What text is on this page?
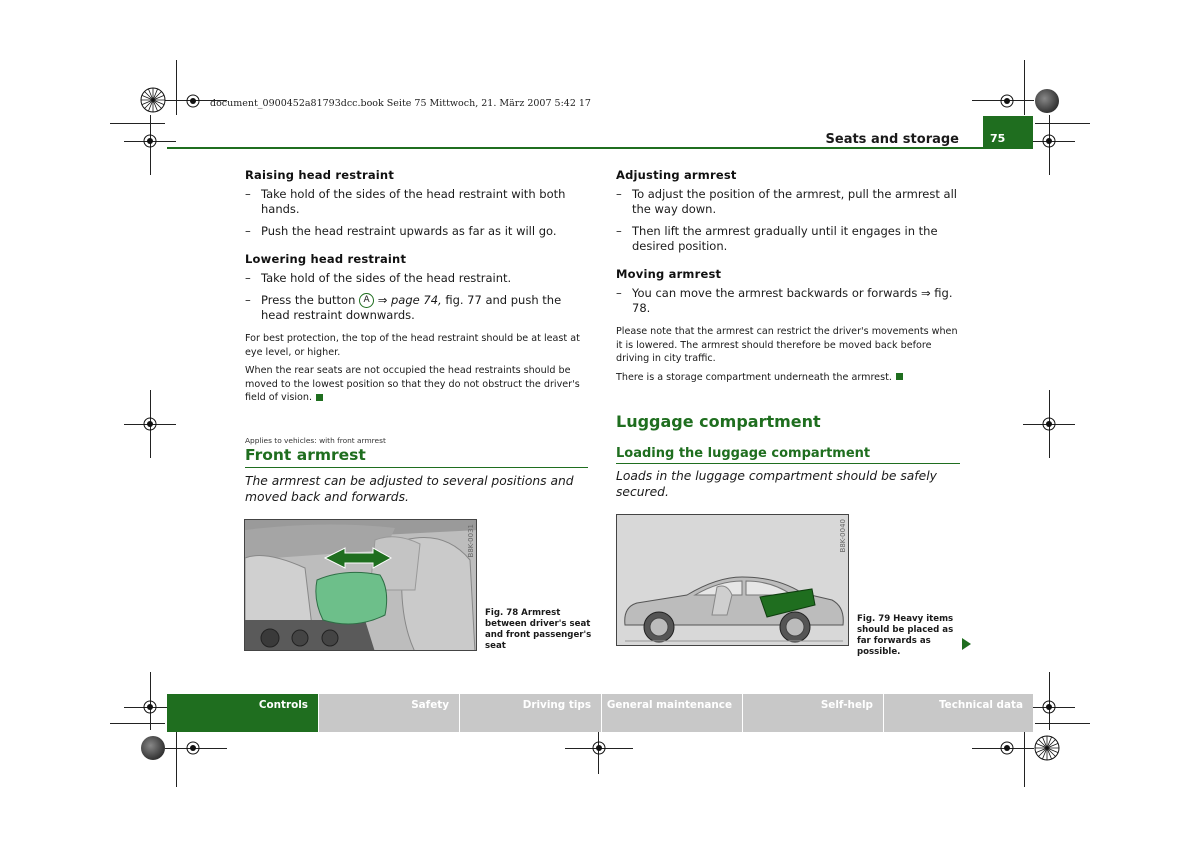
document_0900452a81793dcc.book Seite 75 Mittwoch, 21. März 2007 5:42 17
Seats and storage	75
Raising head restraint
– Take hold of the sides of the head restraint with both hands.
– Push the head restraint upwards as far as it will go.
Lowering head restraint
– Take hold of the sides of the head restraint.
– Press the button A ⇒ page 74, fig. 77 and push the head restraint downwards.
For best protection, the top of the head restraint should be at least at eye level, or higher.
When the rear seats are not occupied the head restraints should be moved to the lowest position so that they do not obstruct the driver's field of vision.
Applies to vehicles: with front armrest
Front armrest
The armrest can be adjusted to several positions and moved back and forwards.
B8K-0031
Fig. 78 Armrest between driver's seat and front passenger's seat
Adjusting armrest
– To adjust the position of the armrest, pull the armrest all the way down.
– Then lift the armrest gradually until it engages in the desired position.
Moving armrest
– You can move the armrest backwards or forwards ⇒ fig. 78.
Please note that the armrest can restrict the driver's movements when it is lowered. The armrest should therefore be moved back before driving in city traffic.
There is a storage compartment underneath the armrest.
Luggage compartment
Loading the luggage compartment
Loads in the luggage compartment should be safely secured.
B8K-0040
Fig. 79 Heavy items should be placed as far forwards as possible.
Controls	Safety	Driving tips	General maintenance	Self-help	Technical data
